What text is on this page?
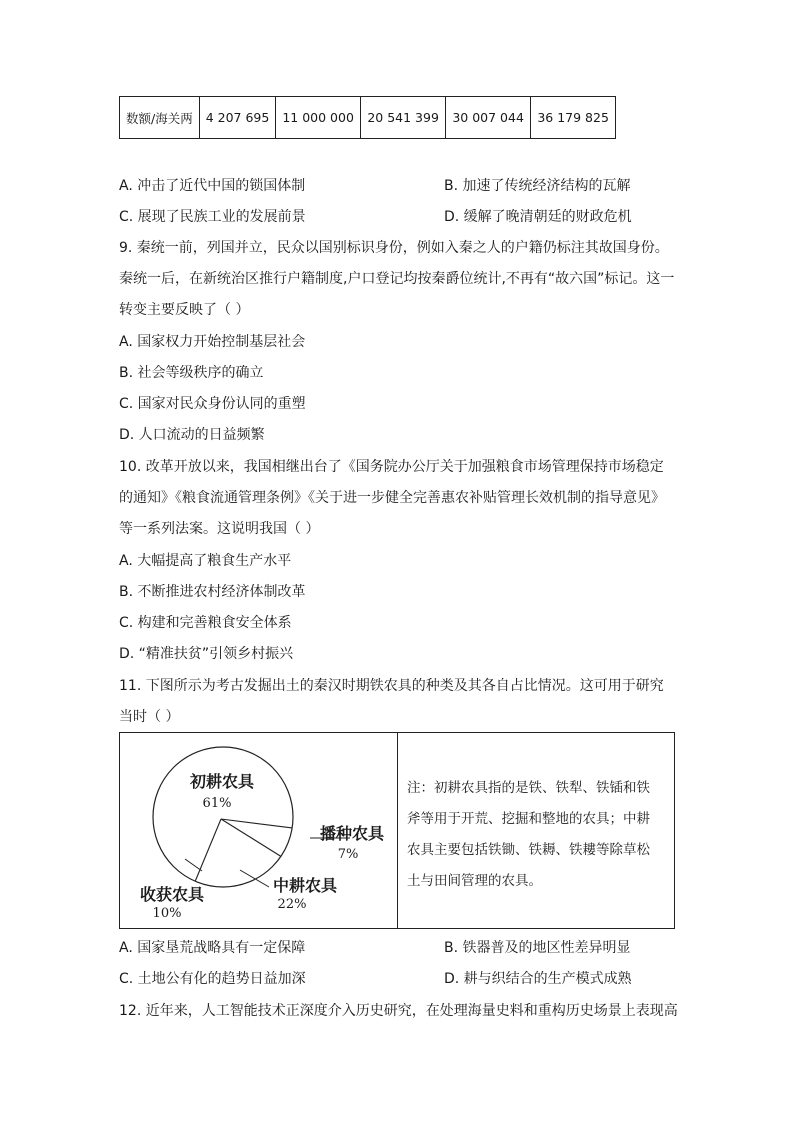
数额/海关两	4 207 695	11 000 000	20 541 399	30 007 044	36 179 825
A. 冲击了近代中国的锁国体制	B. 加速了传统经济结构的瓦解
C. 展现了民族工业的发展前景	D. 缓解了晚清朝廷的财政危机
9. 秦统一前，列国并立，民众以国别标识身份，例如入秦之人的户籍仍标注其故国身份。
秦统一后，在新统治区推行户籍制度,户口登记均按秦爵位统计,不再有“故六国”标记。这一
转变主要反映了（ ）
A. 国家权力开始控制基层社会
B. 社会等级秩序的确立
C. 国家对民众身份认同的重塑
D. 人口流动的日益频繁
10. 改革开放以来，我国相继出台了《国务院办公厅关于加强粮食市场管理保持市场稳定
的通知》《粮食流通管理条例》《关于进一步健全完善惠农补贴管理长效机制的指导意见》
等一系列法案。这说明我国（ ）
A. 大幅提高了粮食生产水平
B. 不断推进农村经济体制改革
C. 构建和完善粮食安全体系
D. “精准扶贫”引领乡村振兴
11. 下图所示为考古发掘出土的秦汉时期铁农具的种类及其各自占比情况。这可用于研究
当时（ ）
初耕农具
61%
播种农具
7%
中耕农具
22%
收获农具
10%
注：初耕农具指的是铁、铁犁、铁锸和铁斧等用于开荒、挖掘和整地的农具；中耕农具主要包括铁锄、铁耨、铁耬等除草松土与田间管理的农具。
A. 国家垦荒战略具有一定保障	B. 铁器普及的地区性差异明显
C. 土地公有化的趋势日益加深	D. 耕与织结合的生产模式成熟
12. 近年来，人工智能技术正深度介入历史研究，在处理海量史料和重构历史场景上表现高
